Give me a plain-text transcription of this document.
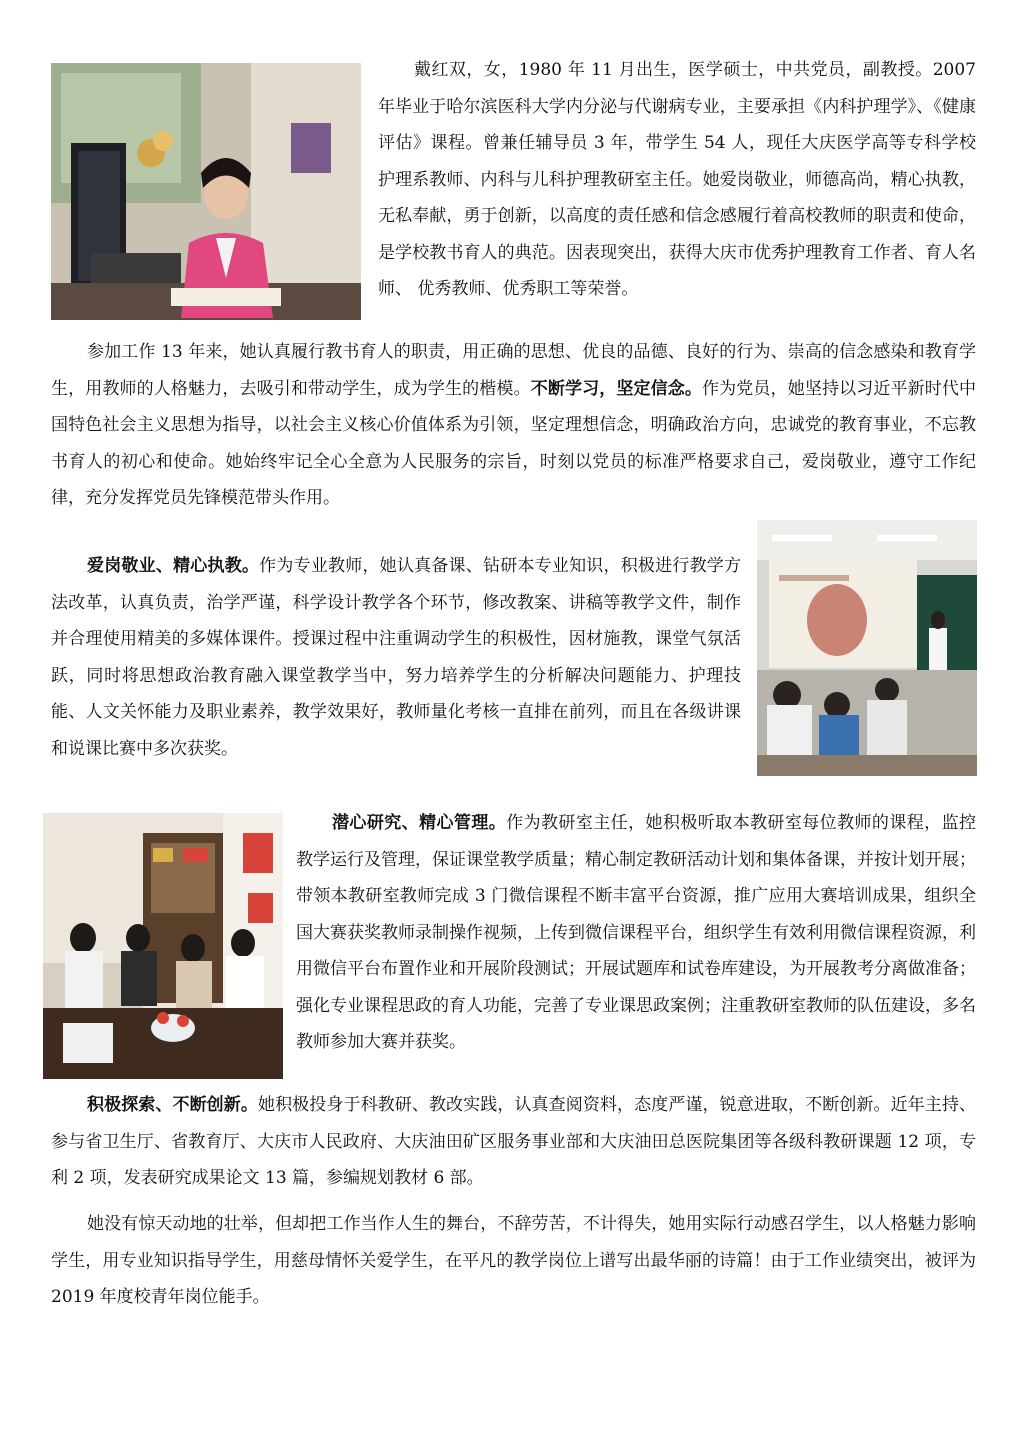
戴红双，女，1980 年 11 月出生，医学硕士，中共党员，副教授。2007 年毕业于哈尔滨医科大学内分泌与代谢病专业，主要承担《内科护理学》、《健康评估》课程。曾兼任辅导员 3 年，带学生 54 人，现任大庆医学高等专科学校护理系教师、内科与儿科护理教研室主任。她爱岗敬业，师德高尚，精心执教，无私奉献，勇于创新，以高度的责任感和信念感履行着高校教师的职责和使命，是学校教书育人的典范。因表现突出，获得大庆市优秀护理教育工作者、育人名师、 优秀教师、优秀职工等荣誉。

参加工作 13 年来，她认真履行教书育人的职责，用正确的思想、优良的品德、良好的行为、崇高的信念感染和教育学生，用教师的人格魅力，去吸引和带动学生，成为学生的楷模。不断学习，坚定信念。作为党员，她坚持以习近平新时代中国特色社会主义思想为指导，以社会主义核心价值体系为引领，坚定理想信念，明确政治方向，忠诚党的教育事业，不忘教书育人的初心和使命。她始终牢记全心全意为人民服务的宗旨，时刻以党员的标准严格要求自己，爱岗敬业，遵守工作纪律，充分发挥党员先锋模范带头作用。

爱岗敬业、精心执教。作为专业教师，她认真备课、钻研本专业知识，积极进行教学方法改革，认真负责，治学严谨，科学设计教学各个环节，修改教案、讲稿等教学文件，制作并合理使用精美的多媒体课件。授课过程中注重调动学生的积极性，因材施教，课堂气氛活跃，同时将思想政治教育融入课堂教学当中，努力培养学生的分析解决问题能力、护理技能、人文关怀能力及职业素养，教学效果好，教师量化考核一直排在前列，而且在各级讲课和说课比赛中多次获奖。

潜心研究、精心管理。作为教研室主任，她积极听取本教研室每位教师的课程，监控教学运行及管理，保证课堂教学质量；精心制定教研活动计划和集体备课，并按计划开展；带领本教研室教师完成 3 门微信课程不断丰富平台资源，推广应用大赛培训成果，组织全国大赛获奖教师录制操作视频，上传到微信课程平台，组织学生有效利用微信课程资源，利用微信平台布置作业和开展阶段测试；开展试题库和试卷库建设，为开展教考分离做准备；强化专业课程思政的育人功能，完善了专业课思政案例；注重教研室教师的队伍建设，多名教师参加大赛并获奖。

积极探索、不断创新。她积极投身于科教研、教改实践，认真查阅资料，态度严谨，锐意进取，不断创新。近年主持、参与省卫生厅、省教育厅、大庆市人民政府、大庆油田矿区服务事业部和大庆油田总医院集团等各级科教研课题 12 项，专利 2 项，发表研究成果论文 13 篇，参编规划教材 6 部。

她没有惊天动地的壮举，但却把工作当作人生的舞台，不辞劳苦，不计得失，她用实际行动感召学生，以人格魅力影响学生，用专业知识指导学生，用慈母情怀关爱学生，在平凡的教学岗位上谱写出最华丽的诗篇！由于工作业绩突出，被评为 2019 年度校青年岗位能手。
